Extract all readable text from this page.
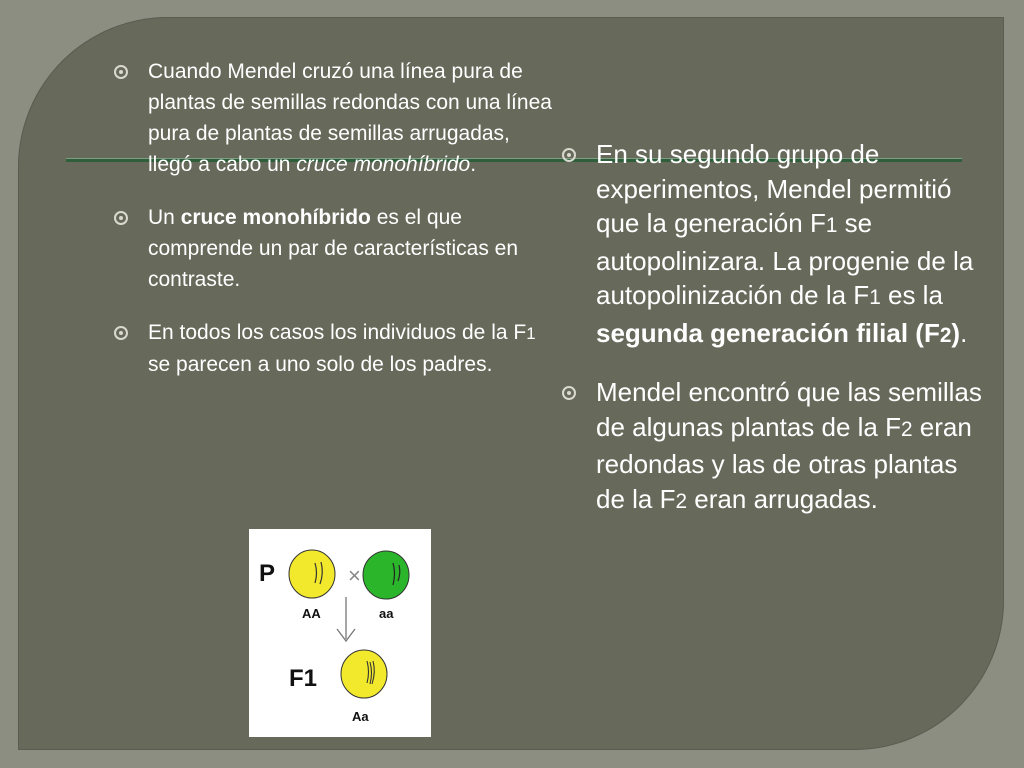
Cuando Mendel cruzó una línea pura de plantas de semillas redondas con una línea pura de plantas de semillas arrugadas, llegó a cabo un cruce monohíbrido.
Un cruce monohíbrido es el que comprende un par de características en contraste.
En todos los casos los individuos de la F1 se parecen a uno solo de los padres.
En su segundo grupo de experimentos, Mendel permitió que la generación F1 se autopolinizara. La progenie de la autopolinización de la F1 es la segunda generación filial (F2).
Mendel encontró que las semillas de algunas plantas de la F2 eran redondas y las de otras plantas de la F2 eran arrugadas.
P	×
AA	aa
F1
Aa
